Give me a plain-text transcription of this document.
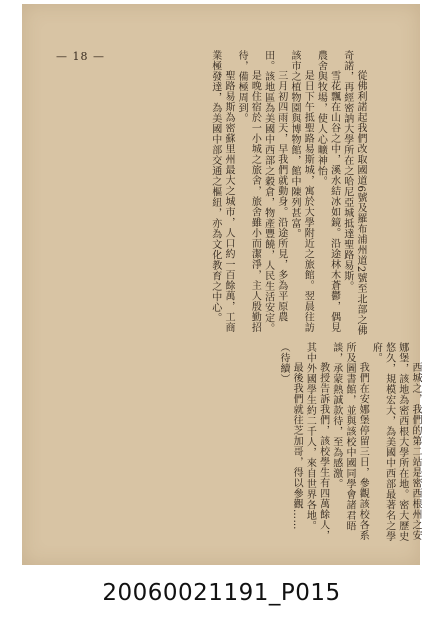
— 18 —

從佛利諾起我們改取國道6號及羅布浦州道2號至北部之佛奇諾，再經密訥大學所在之哈尼亞城抵達聖路易斯。

雪花飄在山谷之中，溪水結冰如鏡。沿途林木蒼鬱，偶見農舍與牧場，使人心曠神怡。

是日下午抵聖路易斯城，寓於大學附近之旅館。翌晨往訪該市之植物園與博物館，館中陳列甚富。

三月初四雨天，早我們就動身。沿途所見，多為平原農田。該地區為美國中西部之穀倉，物產豐饒，人民生活安定。

是晚住宿於一小城之旅舍，旅舍雖小而潔淨，主人殷勤招待，備極周到。

聖路易斯為密蘇里州最大之城市，人口約一百餘萬，工商業極發達，為美國中部交通之樞紐，亦為文化教育之中心。

西城之，我們的第二站是密西根州之安娜堡，該地為密西根大學所在地。密大歷史悠久，規模宏大，為美國中西部最著名之學府。

我們在安娜堡停留三日，參觀該校各系所及圖書館，並與該校中國同學會諸君晤談，承蒙熱誠款待，至為感激。

教授告訴我們，該校學生有四萬餘人，其中外國學生約二千人，來自世界各地。

最後我們就往芝加哥，得以參觀……（待續）

20060021191_P015
